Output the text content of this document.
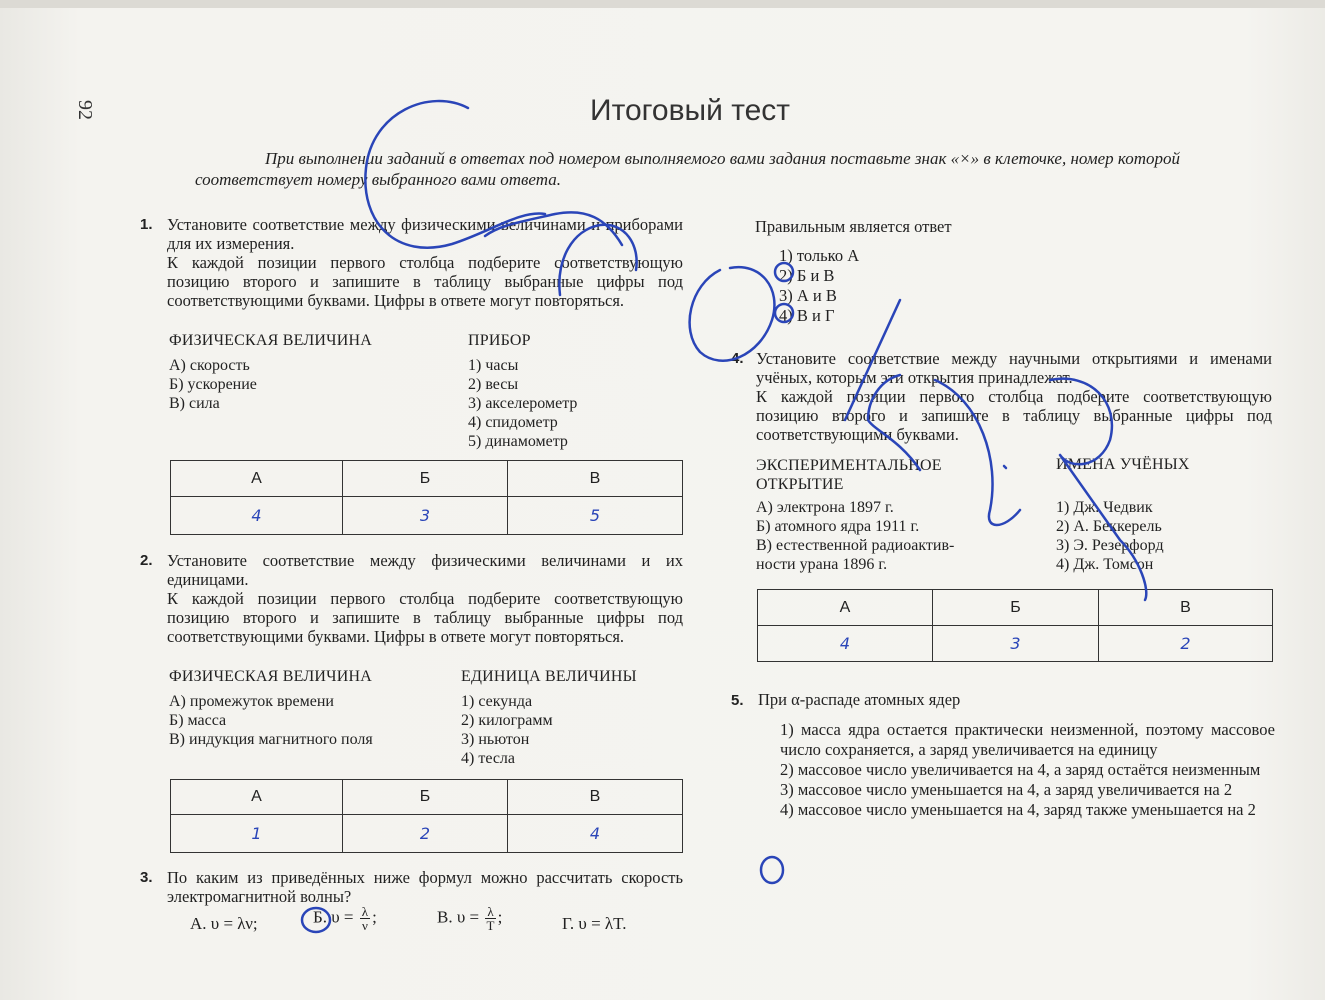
92	Итоговый тест
При выполнении заданий в ответах под номером выполняемого вами задания поставьте знак «×» в клеточке, номер которой соответствует номеру выбранного вами ответа.
1. Установите соответствие между физическими величинами и приборами для их измерения.
К каждой позиции первого столбца подберите соответствующую позицию второго и запишите в таблицу выбранные цифры под соответствующими буквами. Цифры в ответе могут повторяться.
ФИЗИЧЕСКАЯ ВЕЛИЧИНА	ПРИБОР
А) скорость
Б) ускорение
В) сила
1) часы
2) весы
3) акселерометр
4) спидометр
5) динамометр
А	Б	В
4	3	5
2. Установите соответствие между физическими величинами и их единицами.
К каждой позиции первого столбца подберите соответствующую позицию второго и запишите в таблицу выбранные цифры под соответствующими буквами. Цифры в ответе могут повторяться.
ФИЗИЧЕСКАЯ ВЕЛИЧИНА	ЕДИНИЦА ВЕЛИЧИНЫ
А) промежуток времени
Б) масса
В) индукция магнитного поля
1) секунда
2) килограмм
3) ньютон
4) тесла
А	Б	В
1	2	4
3. По каким из приведённых ниже формул можно рассчитать скорость электромагнитной волны?
А. υ = λν;	Б. $\upsilon = \frac{\lambda}{\nu}$ ;	В. $\upsilon = \frac{\lambda}{T}$ ;	Г. υ = λT.
Правильным является ответ
1) только А
2) Б и В
3) А и В
4) В и Г
4. Установите соответствие между научными открытиями и именами учёных, которым эти открытия принадлежат.
К каждой позиции первого столбца подберите соответствующую позицию второго и запишите в таблицу выбранные цифры под соответствующими буквами.
ЭКСПЕРИМЕНТАЛЬНОЕ
ОТКРЫТИЕ
ИМЕНА УЧЁНЫХ
А) электрона 1897 г.
Б) атомного ядра 1911 г.
В) естественной радиоактив-
ности урана 1896 г.
1) Дж. Чедвик
2) А. Беккерель
3) Э. Резерфорд
4) Дж. Томсон
А	Б	В
4	3	2
5. При α-распаде атомных ядер
1) масса ядра остается практически неизменной, поэтому массовое число сохраняется, а заряд увеличивается на единицу
2) массовое число увеличивается на 4, а заряд остаётся неизменным
3) массовое число уменьшается на 4, а заряд увеличивается на 2
4) массовое число уменьшается на 4, заряд также уменьшается на 2
